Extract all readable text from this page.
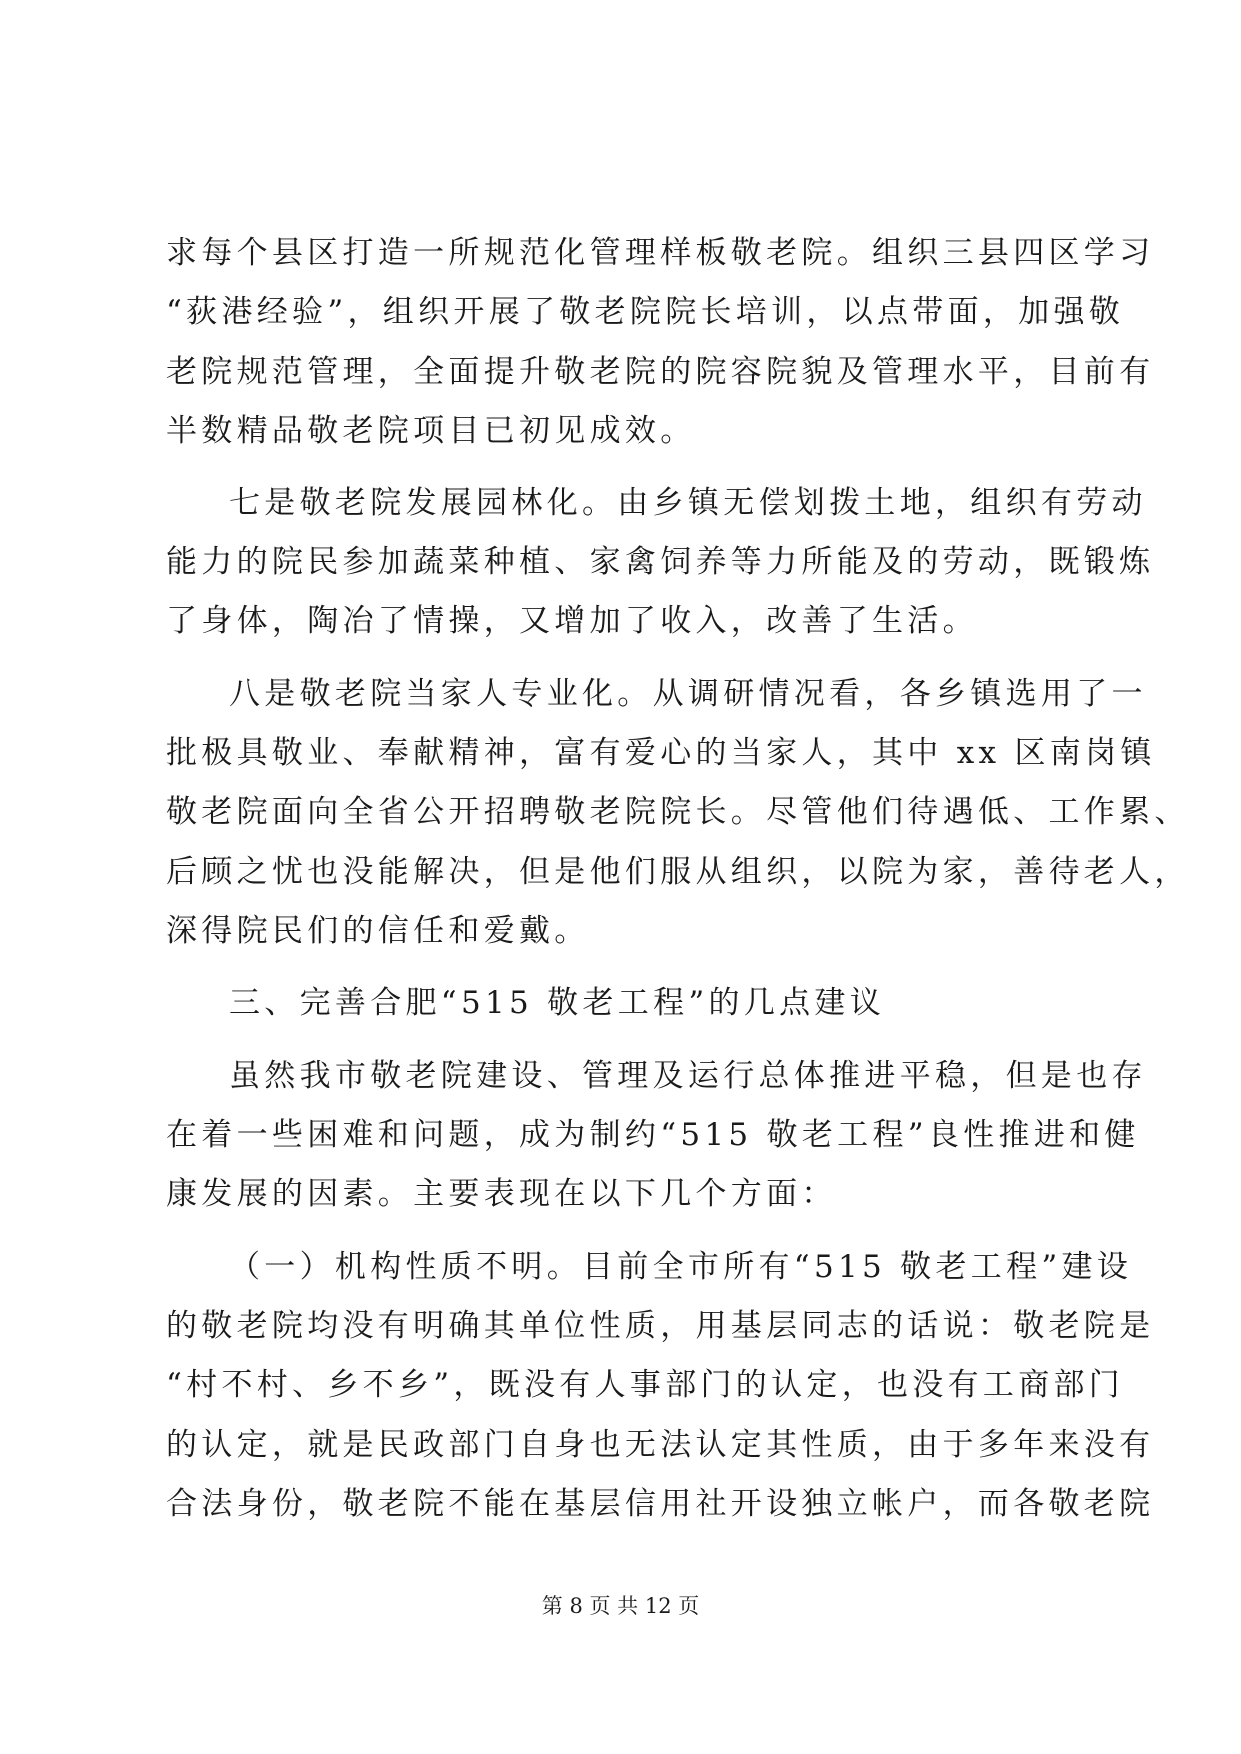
求每个县区打造一所规范化管理样板敬老院。组织三县四区学习

“荻港经验”，组织开展了敬老院院长培训，以点带面，加强敬

老院规范管理，全面提升敬老院的院容院貌及管理水平，目前有

半数精品敬老院项目已初见成效。

七是敬老院发展园林化。由乡镇无偿划拨土地，组织有劳动

能力的院民参加蔬菜种植、家禽饲养等力所能及的劳动，既锻炼

了身体，陶冶了情操，又增加了收入，改善了生活。

八是敬老院当家人专业化。从调研情况看，各乡镇选用了一

批极具敬业、奉献精神，富有爱心的当家人，其中 xx 区南岗镇

敬老院面向全省公开招聘敬老院院长。尽管他们待遇低、工作累、

后顾之忧也没能解决，但是他们服从组织，以院为家，善待老人，

深得院民们的信任和爱戴。

三、完善合肥“515 敬老工程”的几点建议

虽然我市敬老院建设、管理及运行总体推进平稳，但是也存

在着一些困难和问题，成为制约“515 敬老工程”良性推进和健

康发展的因素。主要表现在以下几个方面：

（一）机构性质不明。目前全市所有“515 敬老工程”建设

的敬老院均没有明确其单位性质，用基层同志的话说：敬老院是

“村不村、乡不乡”，既没有人事部门的认定，也没有工商部门

的认定，就是民政部门自身也无法认定其性质，由于多年来没有

合法身份，敬老院不能在基层信用社开设独立帐户，而各敬老院

第 8 页 共 12 页
